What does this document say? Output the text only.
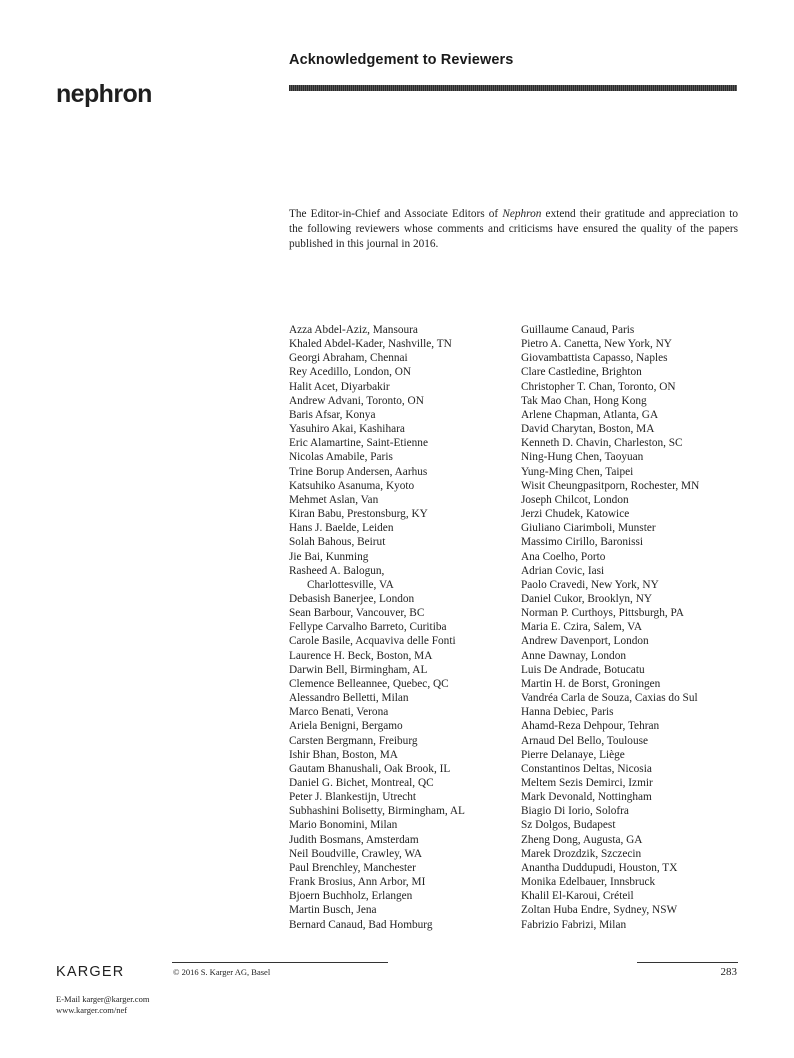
Acknowledgement to Reviewers
nephron

The Editor-in-Chief and Associate Editors of Nephron extend their gratitude and appreciation to the following reviewers whose comments and criticisms have ensured the quality of the papers published in this journal in 2016.

Azza Abdel-Aziz, Mansoura
Khaled Abdel-Kader, Nashville, TN
Georgi Abraham, Chennai
Rey Acedillo, London, ON
Halit Acet, Diyarbakir
Andrew Advani, Toronto, ON
Baris Afsar, Konya
Yasuhiro Akai, Kashihara
Eric Alamartine, Saint-Etienne
Nicolas Amabile, Paris
Trine Borup Andersen, Aarhus
Katsuhiko Asanuma, Kyoto
Mehmet Aslan, Van
Kiran Babu, Prestonsburg, KY
Hans J. Baelde, Leiden
Solah Bahous, Beirut
Jie Bai, Kunming
Rasheed A. Balogun,
Charlottesville, VA
Debasish Banerjee, London
Sean Barbour, Vancouver, BC
Fellype Carvalho Barreto, Curitiba
Carole Basile, Acquaviva delle Fonti
Laurence H. Beck, Boston, MA
Darwin Bell, Birmingham, AL
Clemence Belleannee, Quebec, QC
Alessandro Belletti, Milan
Marco Benati, Verona
Ariela Benigni, Bergamo
Carsten Bergmann, Freiburg
Ishir Bhan, Boston, MA
Gautam Bhanushali, Oak Brook, IL
Daniel G. Bichet, Montreal, QC
Peter J. Blankestijn, Utrecht
Subhashini Bolisetty, Birmingham, AL
Mario Bonomini, Milan
Judith Bosmans, Amsterdam
Neil Boudville, Crawley, WA
Paul Brenchley, Manchester
Frank Brosius, Ann Arbor, MI
Bjoern Buchholz, Erlangen
Martin Busch, Jena
Bernard Canaud, Bad Homburg
Guillaume Canaud, Paris
Pietro A. Canetta, New York, NY
Giovambattista Capasso, Naples
Clare Castledine, Brighton
Christopher T. Chan, Toronto, ON
Tak Mao Chan, Hong Kong
Arlene Chapman, Atlanta, GA
David Charytan, Boston, MA
Kenneth D. Chavin, Charleston, SC
Ning-Hung Chen, Taoyuan
Yung-Ming Chen, Taipei
Wisit Cheungpasitporn, Rochester, MN
Joseph Chilcot, London
Jerzi Chudek, Katowice
Giuliano Ciarimboli, Munster
Massimo Cirillo, Baronissi
Ana Coelho, Porto
Adrian Covic, Iasi
Paolo Cravedi, New York, NY
Daniel Cukor, Brooklyn, NY
Norman P. Curthoys, Pittsburgh, PA
Maria E. Czira, Salem, VA
Andrew Davenport, London
Anne Dawnay, London
Luis De Andrade, Botucatu
Martin H. de Borst, Groningen
Vandréa Carla de Souza, Caxias do Sul
Hanna Debiec, Paris
Ahamd-Reza Dehpour, Tehran
Arnaud Del Bello, Toulouse
Pierre Delanaye, Liège
Constantinos Deltas, Nicosia
Meltem Sezis Demirci, Izmir
Mark Devonald, Nottingham
Biagio Di Iorio, Solofra
Sz Dolgos, Budapest
Zheng Dong, Augusta, GA
Marek Drozdzik, Szczecin
Anantha Duddupudi, Houston, TX
Monika Edelbauer, Innsbruck
Khalil El-Karoui, Créteil
Zoltan Huba Endre, Sydney, NSW
Fabrizio Fabrizi, Milan
KARGER	© 2016 S. Karger AG, Basel	283
E-Mail karger@karger.com
www.karger.com/nef
